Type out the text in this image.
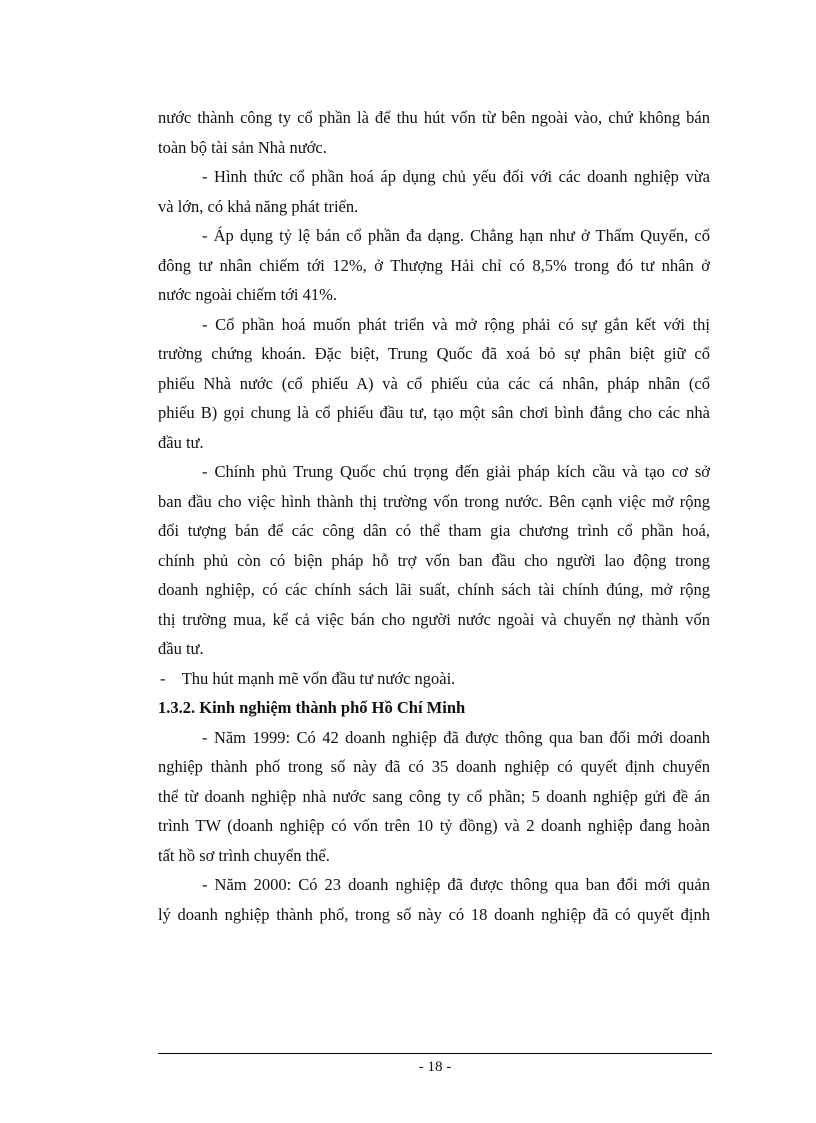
nước thành công ty cổ phần là để thu hút vốn từ bên ngoài vào, chứ không bán
toàn bộ tài sản Nhà nước.
- Hình thức cổ phần hoá áp dụng chủ yếu đối với các doanh nghiệp vừa
và lớn, có khả năng phát triển.
- Áp dụng tỷ lệ bán cổ phần đa dạng. Chẳng hạn như ở Thẩm Quyến, cổ
đông tư nhân chiếm tới 12%, ở Thượng Hải chỉ có 8,5% trong đó tư nhân ở
nước ngoài chiếm tới 41%.
- Cổ phần hoá muốn phát triển và mở rộng phải có sự gắn kết với thị
trường chứng khoán. Đặc biệt, Trung Quốc đã xoá bỏ sự phân biệt giữ cổ
phiếu Nhà nước (cổ phiếu A) và cổ phiếu của các cá nhân, pháp nhân (cổ
phiếu B) gọi chung là cổ phiếu đầu tư, tạo một sân chơi bình đẳng cho các nhà
đầu tư.
- Chính phủ Trung Quốc chú trọng đến giải pháp kích cầu và tạo cơ sở
ban đầu cho việc hình thành thị trường vốn trong nước. Bên cạnh việc mở rộng
đối tượng bán để các công dân có thể tham gia chương trình cổ phần hoá,
chính phủ còn có biện pháp hỗ trợ vốn ban đầu cho người lao động trong
doanh nghiệp, có các chính sách lãi suất, chính sách tài chính đúng, mở rộng
thị trường mua, kể cả việc bán cho người nước ngoài và chuyển nợ thành vốn
đầu tư.
-    Thu hút mạnh mẽ vốn đầu tư nước ngoài.
1.3.2. Kinh nghiệm thành phố Hồ Chí Minh
- Năm 1999: Có 42 doanh nghiệp đã được thông qua ban đổi mới doanh
nghiệp thành phố trong số này đã có 35 doanh nghiệp có quyết định chuyển
thể từ doanh nghiệp nhà nước sang công ty cổ phần; 5 doanh nghiệp gửi đề án
trình TW (doanh nghiệp có vốn trên 10 tỷ đồng) và 2 doanh nghiệp đang hoàn
tất hồ sơ trình chuyển thể.
- Năm 2000: Có 23 doanh nghiệp đã được thông qua ban đổi mới quản
lý doanh nghiệp thành phố, trong số này có 18 doanh nghiệp đã có quyết định
- 18 -
